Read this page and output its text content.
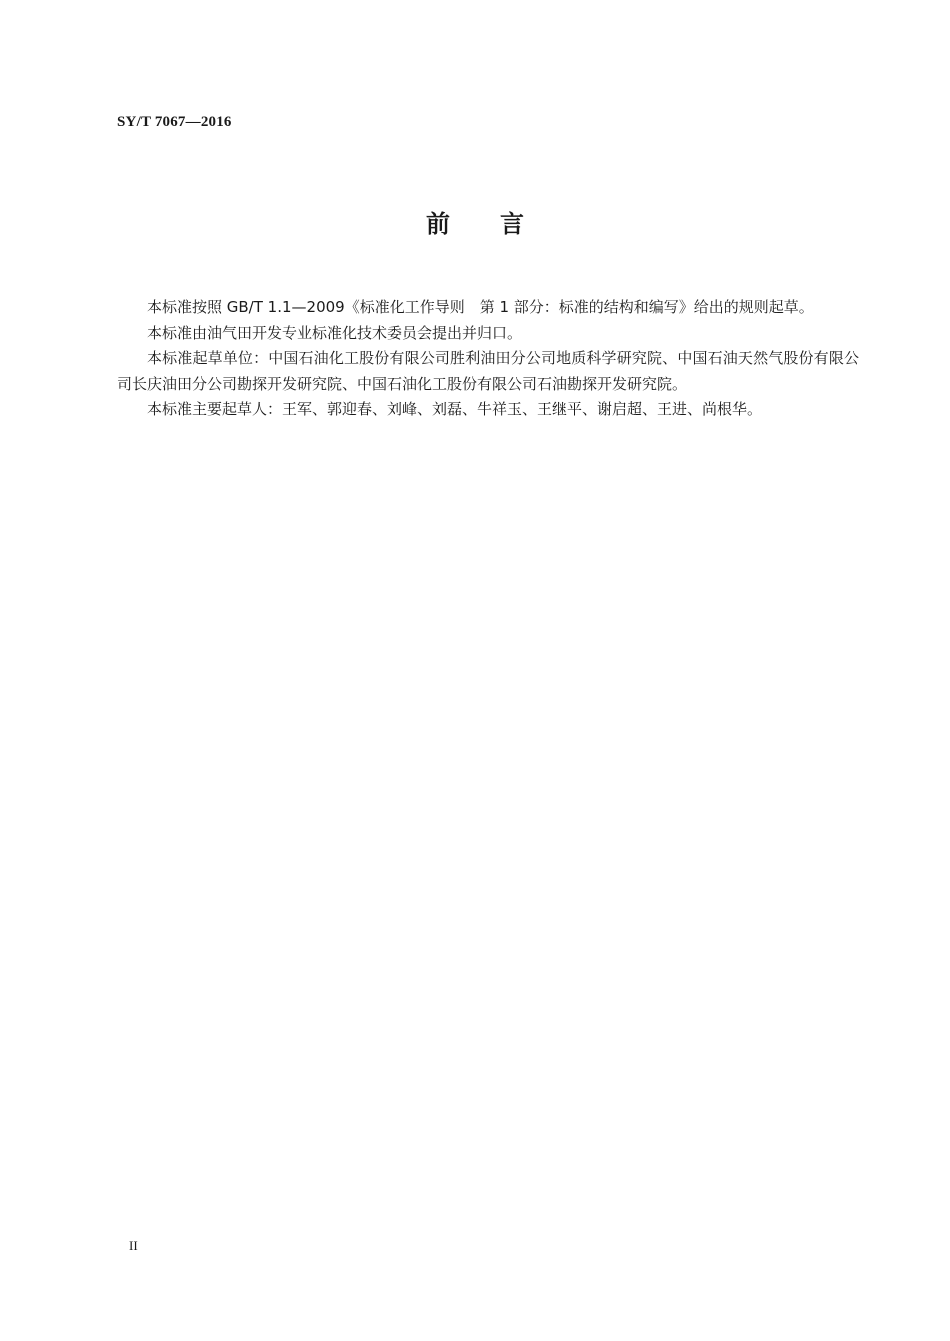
SY/T 7067—2016
前 言

本标准按照 GB/T 1.1—2009《标准化工作导则　第 1 部分：标准的结构和编写》给出的规则起草。

本标准由油气田开发专业标准化技术委员会提出并归口。

本标准起草单位：中国石油化工股份有限公司胜利油田分公司地质科学研究院、中国石油天然气股份有限公司长庆油田分公司勘探开发研究院、中国石油化工股份有限公司石油勘探开发研究院。

本标准主要起草人：王军、郭迎春、刘峰、刘磊、牛祥玉、王继平、谢启超、王进、尚根华。

II
